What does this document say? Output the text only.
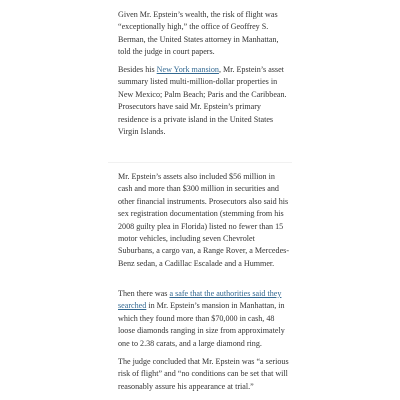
Given Mr. Epstein’s wealth, the risk of flight was “exceptionally high,” the office of Geoffrey S. Berman, the United States attorney in Manhattan, told the judge in court papers.

Besides his New York mansion, Mr. Epstein’s asset summary listed multi-million-dollar properties in New Mexico; Palm Beach; Paris and the Caribbean. Prosecutors have said Mr. Epstein’s primary residence is a private island in the United States Virgin Islands.

Mr. Epstein’s assets also included $56 million in cash and more than $300 million in securities and other financial instruments. Prosecutors also said his sex registration documentation (stemming from his 2008 guilty plea in Florida) listed no fewer than 15 motor vehicles, including seven Chevrolet Suburbans, a cargo van, a Range Rover, a Mercedes-Benz sedan, a Cadillac Escalade and a Hummer.

Then there was a safe that the authorities said they searched in Mr. Epstein’s mansion in Manhattan, in which they found more than $70,000 in cash, 48 loose diamonds ranging in size from approximately one to 2.38 carats, and a large diamond ring.

The judge concluded that Mr. Epstein was “a serious risk of flight” and “no conditions can be set that will reasonably assure his appearance at trial.”
